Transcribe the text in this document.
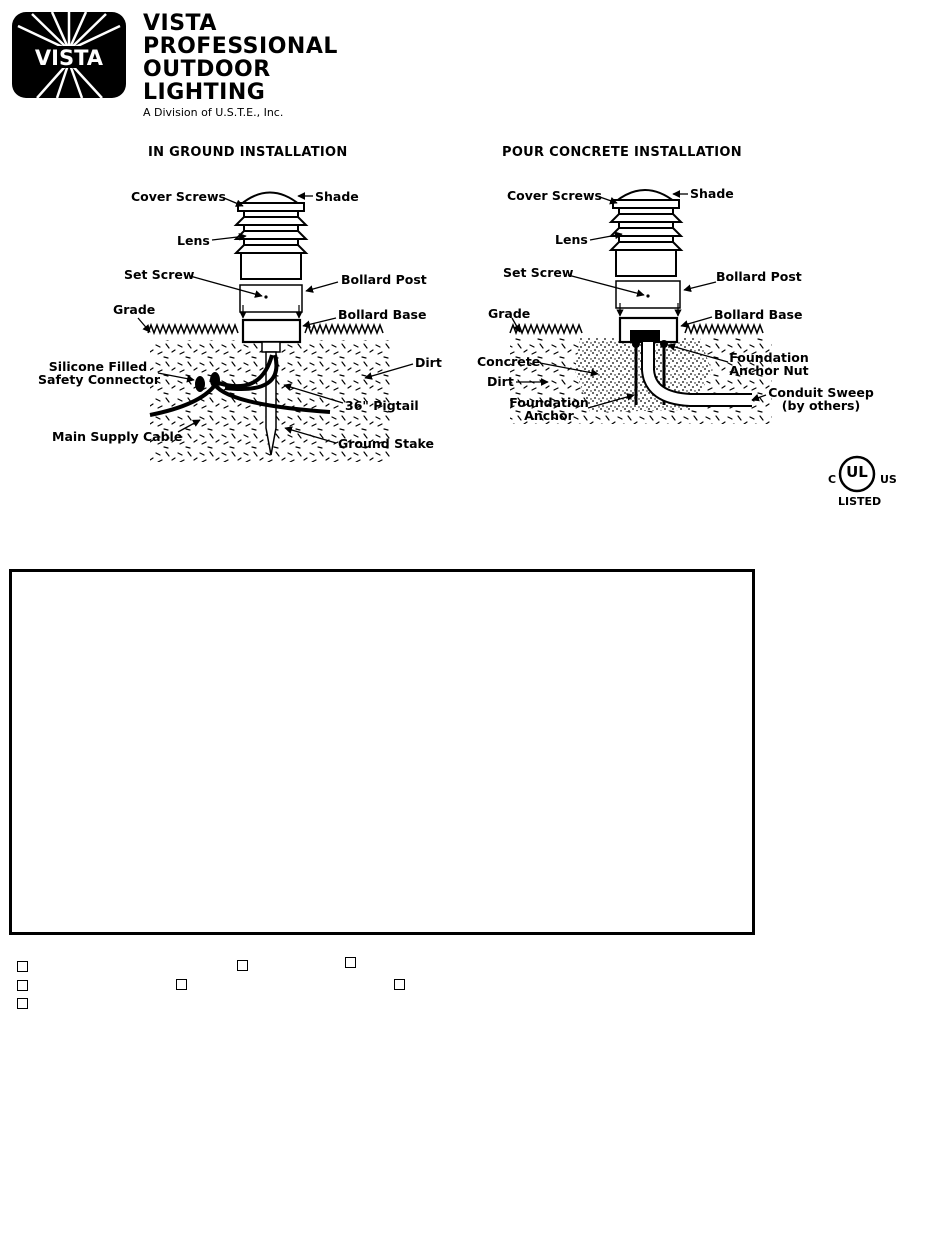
VISTA
VISTA
PROFESSIONAL
OUTDOOR
LIGHTING
A Division of U.S.T.E., Inc.
IN GROUND INSTALLATION	POUR CONCRETE INSTALLATION
Cover Screws	Shade
Lens
Set Screw	Bollard Post
Grade	Bollard Base
Silicone Filled
Safety Connector
Dirt
36" Pigtail
Main Supply Cable	Ground Stake
Cover Screws	Shade
Lens
Set Screw	Bollard Post
Grade	Bollard Base
Foundation
Anchor Nut
Concrete
Dirt
Conduit Sweep
(by others)
Foundation
Anchor
C UL US
LISTED
